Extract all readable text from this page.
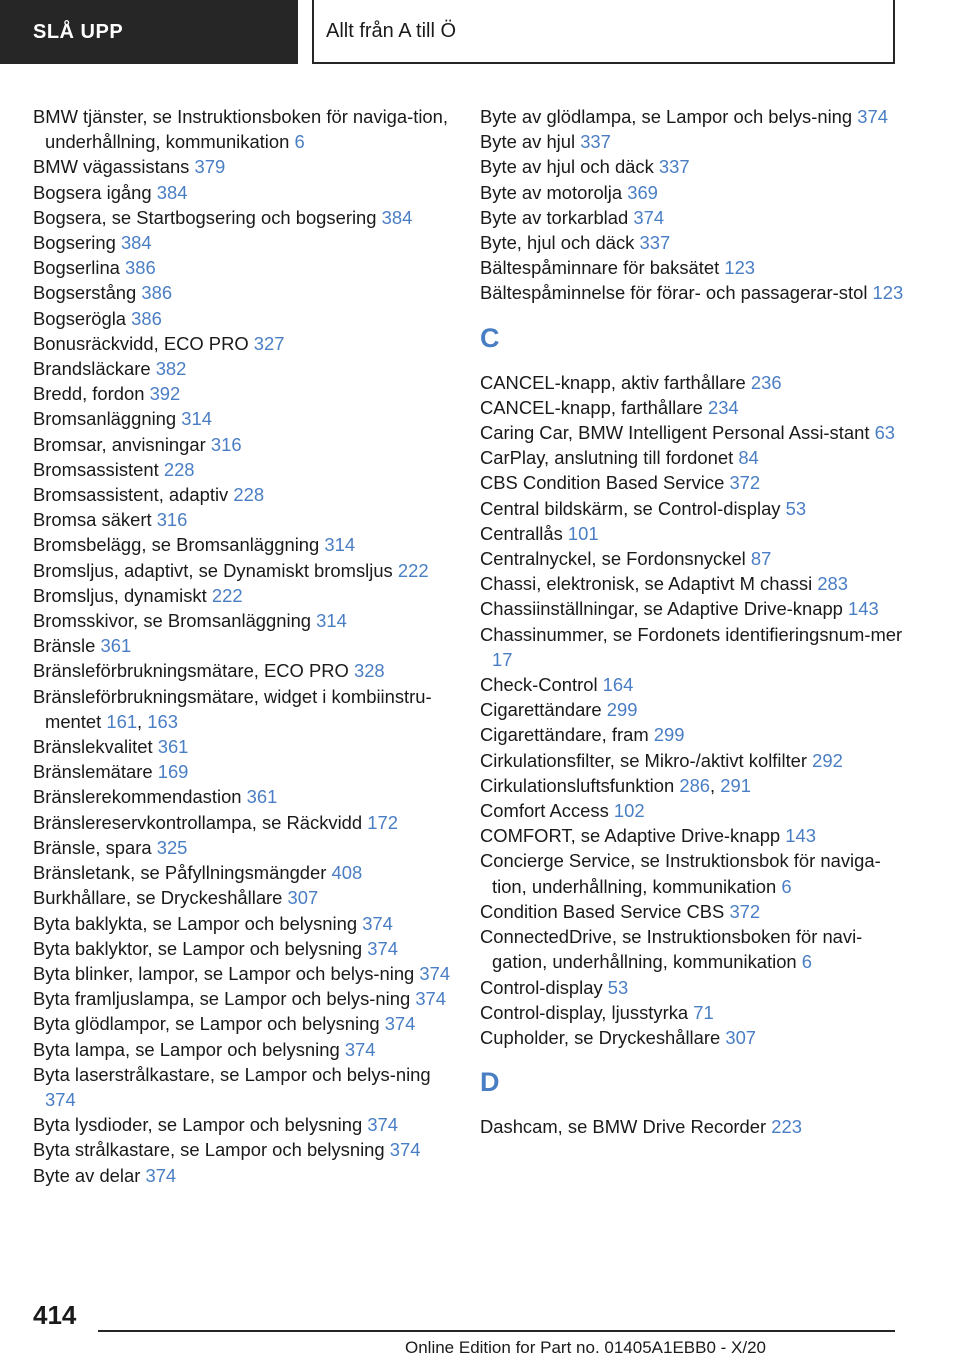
SLÅ UPP	Allt från A till Ö
BMW tjänster, se Instruktionsboken för naviga-tion, underhållning, kommunikation 6
BMW vägassistans 379
Bogsera igång 384
Bogsera, se Startbogsering och bogsering 384
Bogsering 384
Bogserlina 386
Bogserstång 386
Bogserögla 386
Bonusräckvidd, ECO PRO 327
Brandsläckare 382
Bredd, fordon 392
Bromsanläggning 314
Bromsar, anvisningar 316
Bromsassistent 228
Bromsassistent, adaptiv 228
Bromsa säkert 316
Bromsbelägg, se Bromsanläggning 314
Bromsljus, adaptivt, se Dynamiskt bromsljus 222
Bromsljus, dynamiskt 222
Bromsskivor, se Bromsanläggning 314
Bränsle 361
Bränsleförbrukningsmätare, ECO PRO 328
Bränsleförbrukningsmätare, widget i kombiinstru-mentet 161, 163
Bränslekvalitet 361
Bränslemätare 169
Bränslerekommendastion 361
Bränslereservkontrollampa, se Räckvidd 172
Bränsle, spara 325
Bränsletank, se Påfyllningsmängder 408
Burkhållare, se Dryckeshållare 307
Byta baklykta, se Lampor och belysning 374
Byta baklyktor, se Lampor och belysning 374
Byta blinker, lampor, se Lampor och belys-ning 374
Byta framljuslampa, se Lampor och belys-ning 374
Byta glödlampor, se Lampor och belysning 374
Byta lampa, se Lampor och belysning 374
Byta laserstrålkastare, se Lampor och belys-ning 374
Byta lysdioder, se Lampor och belysning 374
Byta strålkastare, se Lampor och belysning 374
Byte av delar 374
Byte av glödlampa, se Lampor och belys-ning 374
Byte av hjul 337
Byte av hjul och däck 337
Byte av motorolja 369
Byte av torkarblad 374
Byte, hjul och däck 337
Bältespåminnare för baksätet 123
Bältespåminnelse för förar- och passagerar-stol 123
C
CANCEL-knapp, aktiv farthållare 236
CANCEL-knapp, farthållare 234
Caring Car, BMW Intelligent Personal Assi-stant 63
CarPlay, anslutning till fordonet 84
CBS Condition Based Service 372
Central bildskärm, se Control-display 53
Centrallås 101
Centralnyckel, se Fordonsnyckel 87
Chassi, elektronisk, se Adaptivt M chassi 283
Chassiinställningar, se Adaptive Drive-knapp 143
Chassinummer, se Fordonets identifieringsnum-mer 17
Check-Control 164
Cigarettändare 299
Cigarettändare, fram 299
Cirkulationsfilter, se Mikro-/aktivt kolfilter 292
Cirkulationsluftsfunktion 286, 291
Comfort Access 102
COMFORT, se Adaptive Drive-knapp 143
Concierge Service, se Instruktionsbok för naviga-tion, underhållning, kommunikation 6
Condition Based Service CBS 372
ConnectedDrive, se Instruktionsboken för navi-gation, underhållning, kommunikation 6
Control-display 53
Control-display, ljusstyrka 71
Cupholder, se Dryckeshållare 307
D
Dashcam, se BMW Drive Recorder 223
414
Online Edition for Part no. 01405A1EBB0 - X/20
